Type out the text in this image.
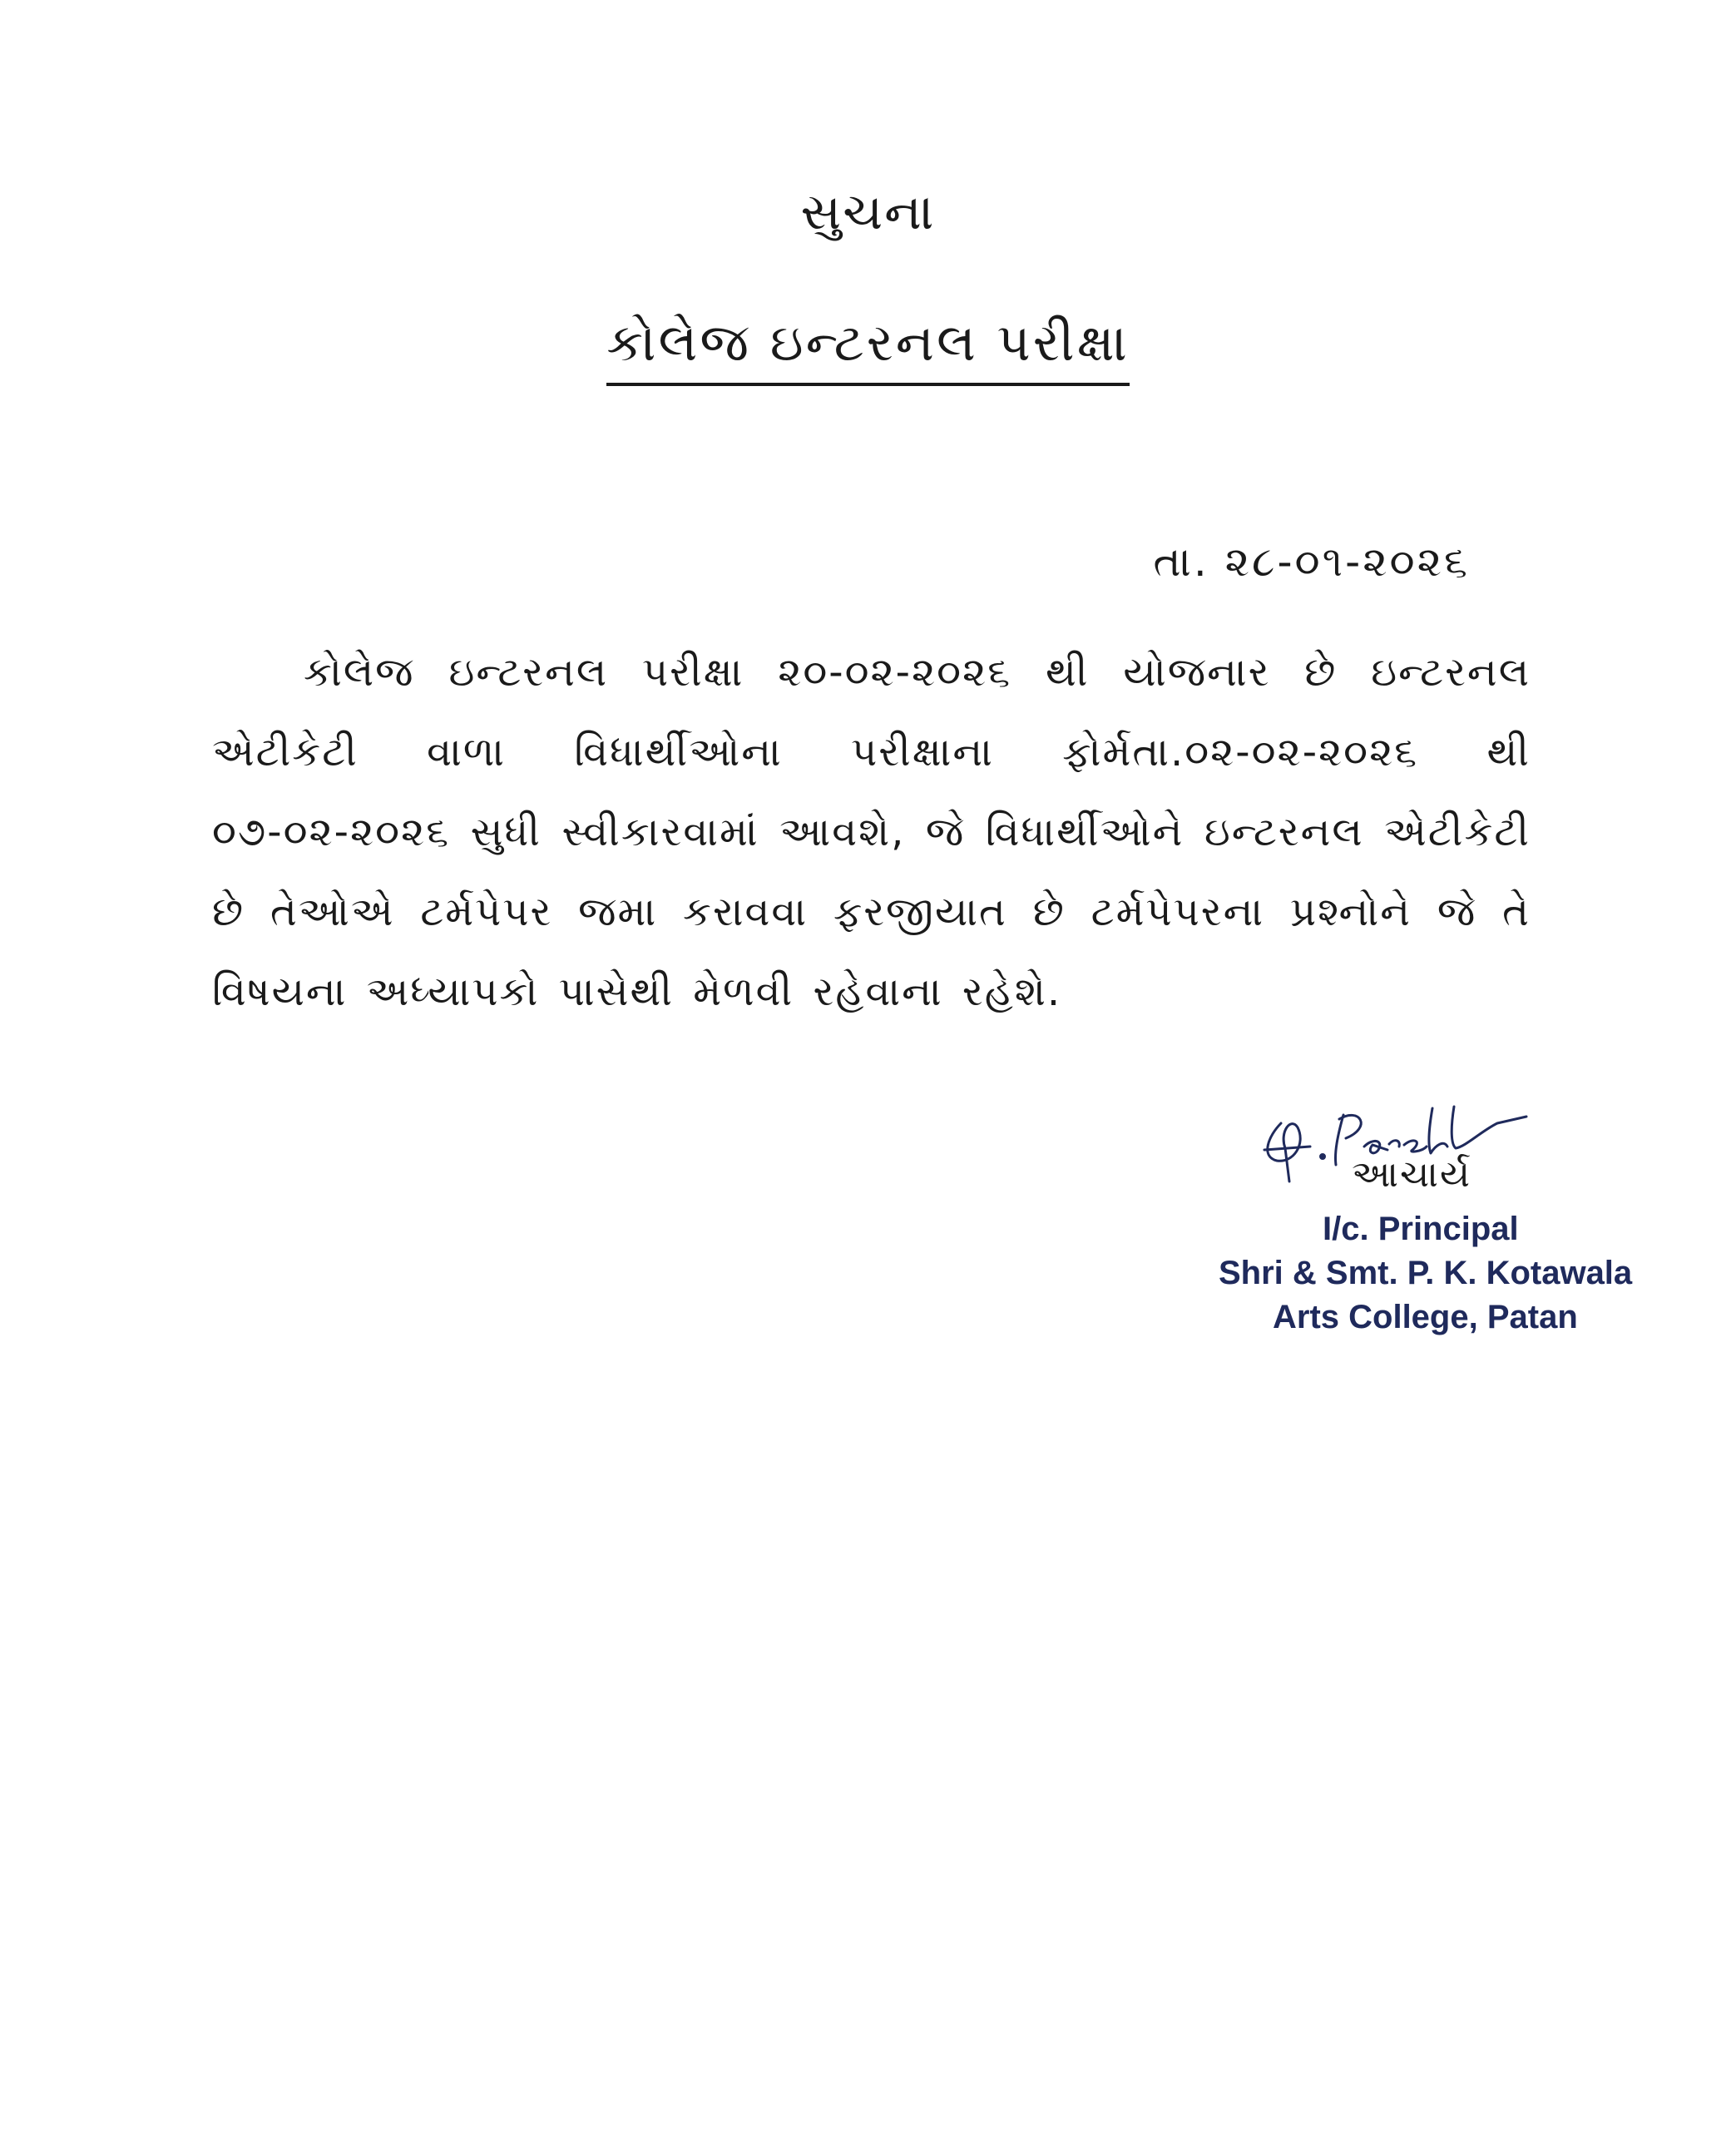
સુચના
કોલેજ ઇન્ટરનલ પરીક્ષા
તા. ૨૮-૦૧-૨૦૨૬
કોલેજ ઇન્ટરનલ પરીક્ષા ૨૦-૦૨-૨૦૨૬ થી યોજનાર છે ઇન્ટરનલ એટીકેટી વાળા વિધાર્થીઓના પરીક્ષાના ફોર્મતા.૦૨-૦૨-૨૦૨૬ થી ૦૭-૦૨-૨૦૨૬ સુધી સ્વીકારવામાં આવશે, જે વિધાર્થીઓને ઇન્ટરનલ એટીકેટી છે તેઓએ ટર્મપેપર જમા કરાવવા ફરજીયાત છે ટર્મપેપરના પ્રશ્નોને જે તે વિષયના અધ્યાપકો પાસેથી મેળવી રહેવાના રહેશે.
આચાર્ય
I/c. Principal
Shri & Smt. P. K. Kotawala
Arts College, Patan
